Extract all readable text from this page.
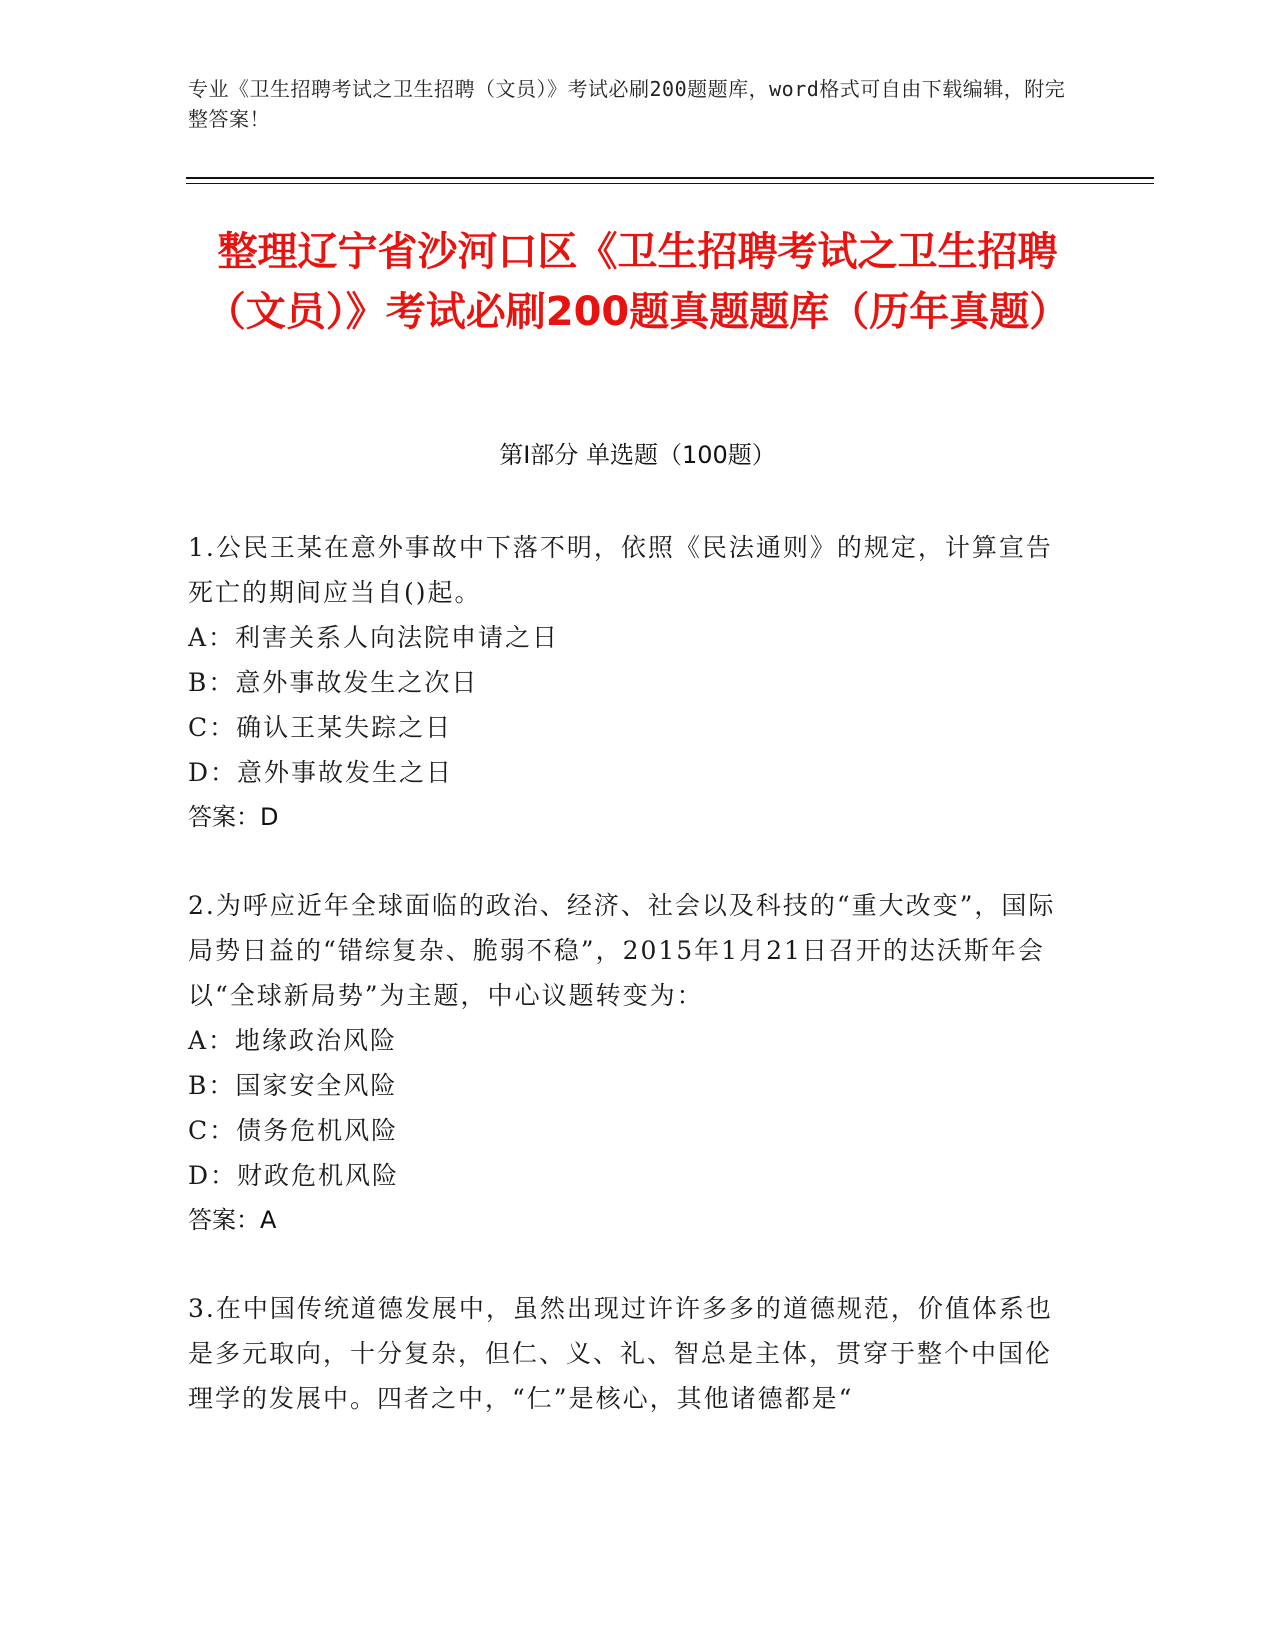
专业《卫生招聘考试之卫生招聘（文员）》考试必刷200题题库，word格式可自由下载编辑，附完整答案！
整理辽宁省沙河口区《卫生招聘考试之卫生招聘（文员）》考试必刷200题真题题库（历年真题）
第Ⅰ部分 单选题（100题）
1.公民王某在意外事故中下落不明，依照《民法通则》的规定，计算宣告死亡的期间应当自()起。
A：利害关系人向法院申请之日
B：意外事故发生之次日
C：确认王某失踪之日
D：意外事故发生之日
答案：D
2.为呼应近年全球面临的政治、经济、社会以及科技的“重大改变”，国际局势日益的“错综复杂、脆弱不稳”，2015年1月21日召开的达沃斯年会以“全球新局势”为主题，中心议题转变为：
A：地缘政治风险
B：国家安全风险
C：债务危机风险
D：财政危机风险
答案：A
3.在中国传统道德发展中，虽然出现过许许多多的道德规范，价值体系也是多元取向，十分复杂，但仁、义、礼、智总是主体，贯穿于整个中国伦理学的发展中。四者之中，“仁”是核心，其他诸德都是“
